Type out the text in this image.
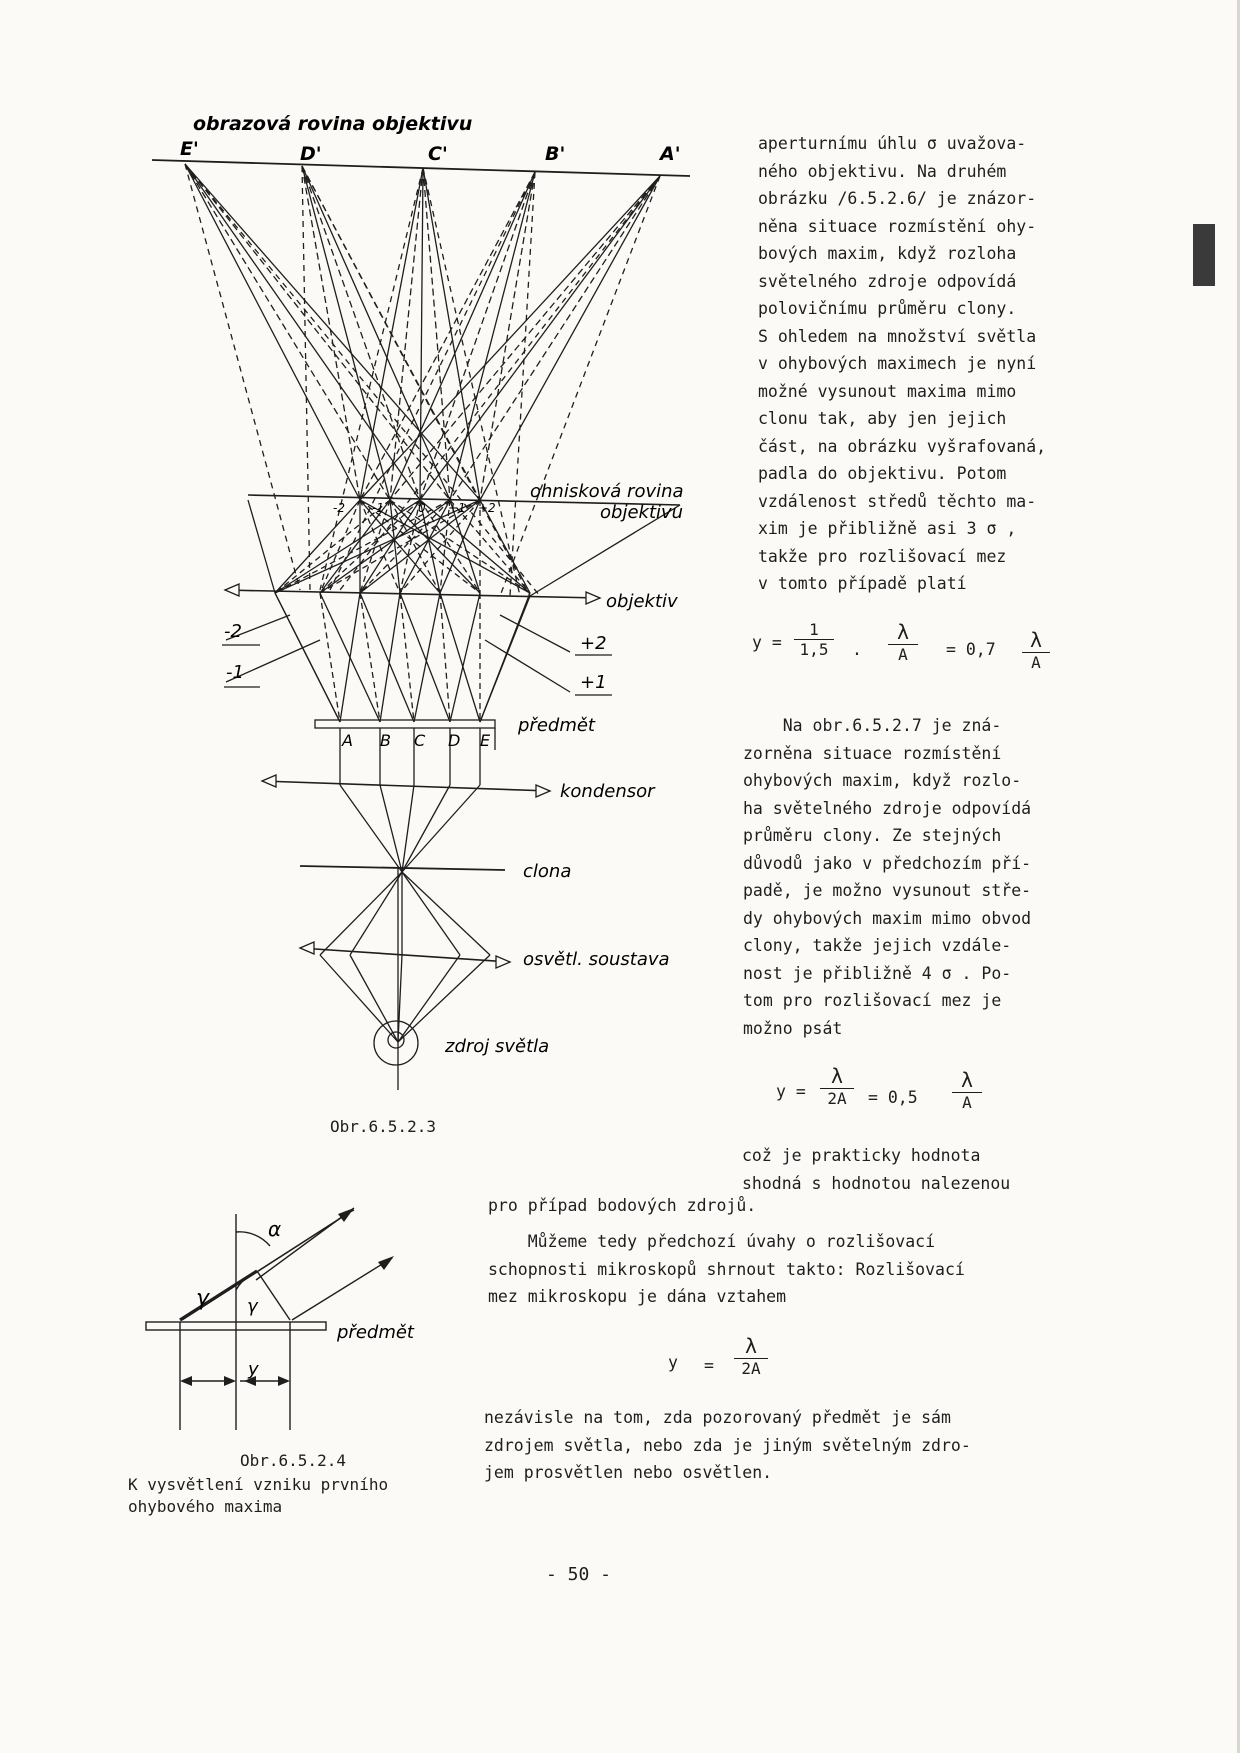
obrazová rovina objektivu
E'	D'	C'	B'	A'
ohnisková rovina
objektivu
-2 -1	0 +1 +2
objektiv
-2
-1
+2
+1
předmět
A B C D E
kondensor
clona
osvětl. soustava
zdroj světla
Obr.6.5.2.3
α
γ γ
y
předmět
Obr.6.5.2.4
K vysvětlení vzniku prvního
ohybového maxima
aperturnímu úhlu σ uvažova-
ného objektivu. Na druhém
obrázku /6.5.2.6/ je znázor-
něna situace rozmístění ohy-
bových maxim, když rozloha
světelného zdroje odpovídá
polovičnímu průměru clony.
S ohledem na množství světla
v ohybových maximech je nyní
možné vysunout maxima mimo
clonu tak, aby jen jejich
část, na obrázku vyšrafovaná,
padla do objektivu. Potom
vzdálenost středů těchto ma-
xim je přibližně asi 3 σ ,
takže pro rozlišovací mez
v tomto případě platí
Na obr.6.5.2.7 je zná-
zorněna situace rozmístění
ohybových maxim, když rozlo-
ha světelného zdroje odpovídá
průměru clony. Ze stejných
důvodů jako v předchozím pří-
padě, je možno vysunout stře-
dy ohybových maxim mimo obvod
clony, takže jejich vzdále-
nost je přibližně 4 σ . Po-
tom pro rozlišovací mez je
možno psát
což je prakticky hodnota
shodná s hodnotou nalezenou
pro případ bodových zdrojů.
Můžeme tedy předchozí úvahy o rozlišovací
schopnosti mikroskopů shrnout takto: Rozlišovací
mez mikroskopu je dána vztahem
nezávisle na tom, zda pozorovaný předmět je sám
zdrojem světla, nebo zda je jiným světelným zdro-
jem prosvětlen nebo osvětlen.
$y = \frac{1}{1,5}$ .
λ
A	= 0,7	λ
A
y =
λ
2A	= 0,5
λ
A
y =
λ
2A
- 50 -
